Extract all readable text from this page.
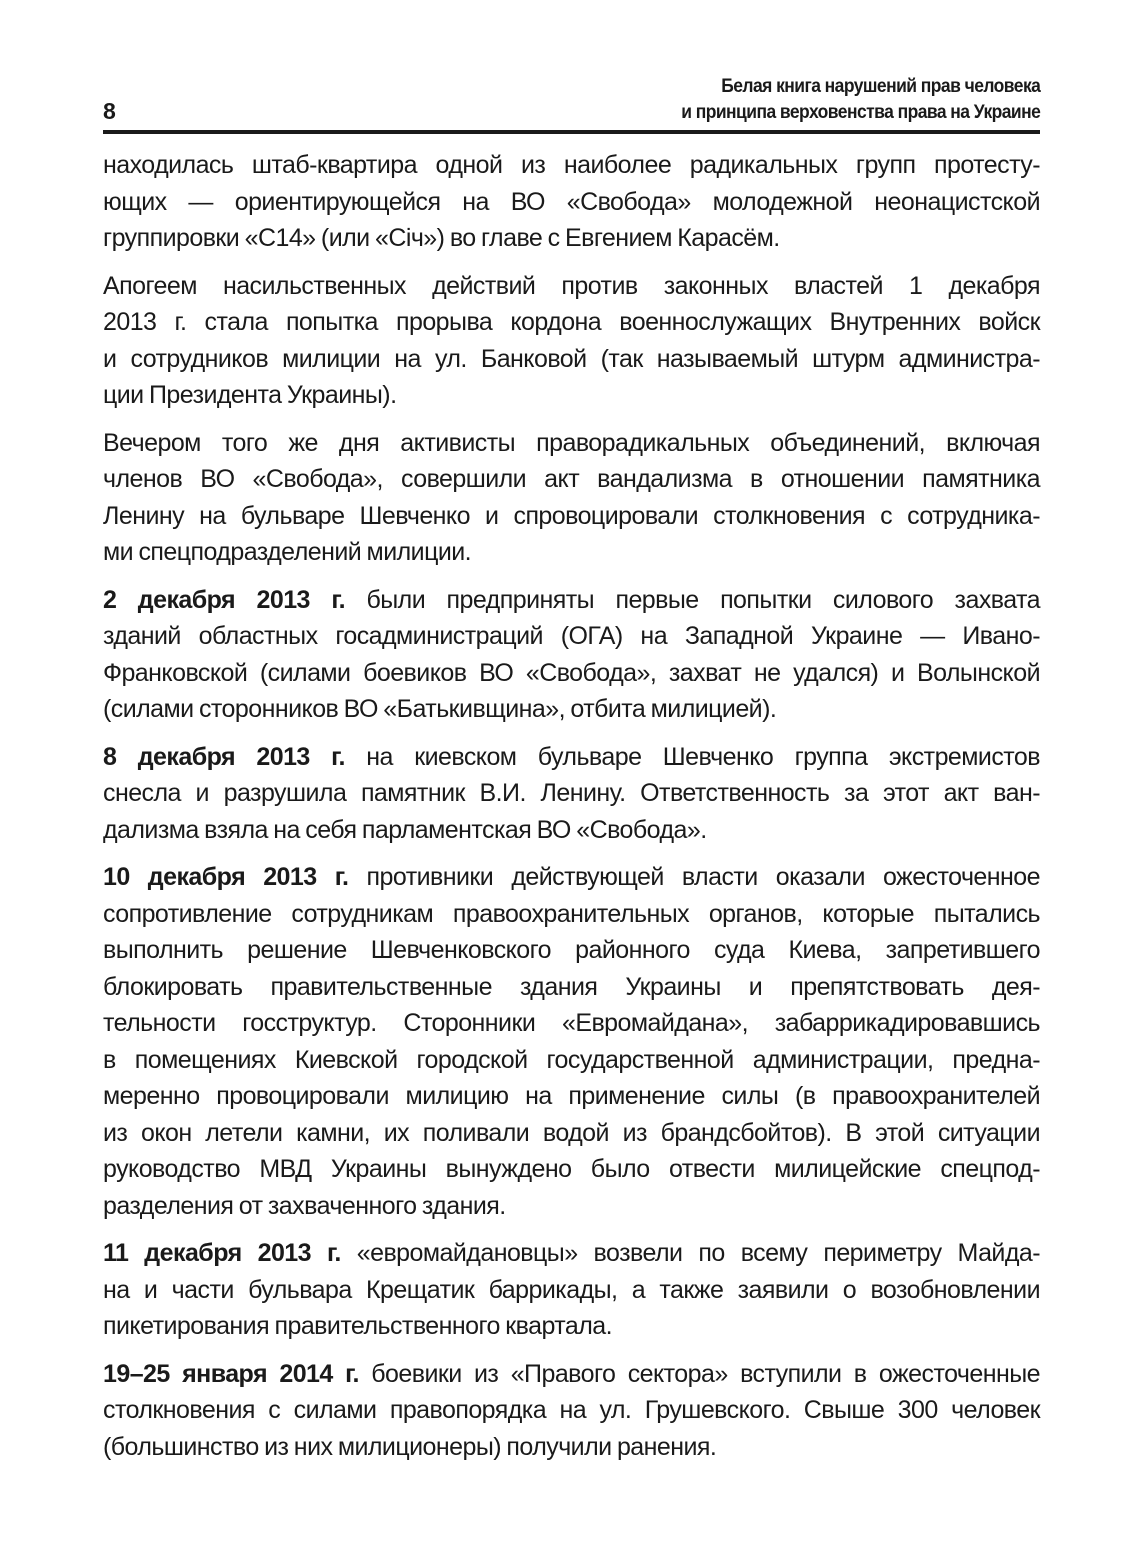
8
Белая книга нарушений прав человека
и принципа верховенства права на Украине
находилась штаб-квартира одной из наиболее радикальных групп протесту-
ющих — ориентирующейся на ВО «Свобода» молодежной неонацистской
группировки «С14» (или «Січ») во главе с Евгением Карасём.
Апогеем насильственных действий против законных властей 1 декабря
2013 г. стала попытка прорыва кордона военнослужащих Внутренних войск
и сотрудников милиции на ул. Банковой (так называемый штурм администра-
ции Президента Украины).
Вечером того же дня активисты праворадикальных объединений, включая
членов ВО «Свобода», совершили акт вандализма в отношении памятника
Ленину на бульваре Шевченко и спровоцировали столкновения с сотрудника-
ми спецподразделений милиции.
2 декабря 2013 г. были предприняты первые попытки силового захвата
зданий областных госадминистраций (ОГА) на Западной Украине — Ивано-
Франковской (силами боевиков ВО «Свобода», захват не удался) и Волынской
(силами сторонников ВО «Батькивщина», отбита милицией).
8 декабря 2013 г. на киевском бульваре Шевченко группа экстремистов
снесла и разрушила памятник В.И. Ленину. Ответственность за этот акт ван-
дализма взяла на себя парламентская ВО «Свобода».
10 декабря 2013 г. противники действующей власти оказали ожесточенное
сопротивление сотрудникам правоохранительных органов, которые пытались
выполнить решение Шевченковского районного суда Киева, запретившего
блокировать правительственные здания Украины и препятствовать дея-
тельности госструктур. Сторонники «Евромайдана», забаррикадировавшись
в помещениях Киевской городской государственной администрации, предна-
меренно провоцировали милицию на применение силы (в правоохранителей
из окон летели камни, их поливали водой из брандсбойтов). В этой ситуации
руководство МВД Украины вынуждено было отвести милицейские спецпод-
разделения от захваченного здания.
11 декабря 2013 г. «евромайдановцы» возвели по всему периметру Майда-
на и части бульвара Крещатик баррикады, а также заявили о возобновлении
пикетирования правительственного квартала.
19–25 января 2014 г. боевики из «Правого сектора» вступили в ожесточенные
столкновения с силами правопорядка на ул. Грушевского. Свыше 300 человек
(большинство из них милиционеры) получили ранения.
